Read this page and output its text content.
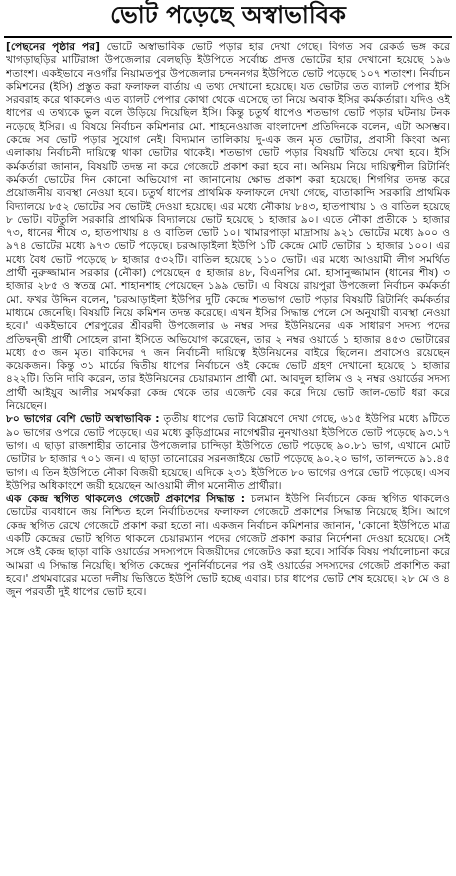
ভোট পড়েছে অস্বাভাবিক

[পেছনের পৃষ্ঠার পর] ভোটে অস্বাভাবিক ভোট পড়ার হার দেখা গেছে। বিগত সব রেকর্ড ভঙ্গ করে খাগড়াছড়ির মাটিরাঙ্গা উপজেলার বেলছড়ি ইউপিতে সর্বোচ্চ প্রদত্ত ভোটের হার দেখানো হয়েছে ১৯৬ শতাংশ। একইভাবে নওগাঁর নিয়ামতপুর উপজেলার চন্দননগর ইউপিতে ভোট পড়েছে ১০৭ শতাংশ। নির্বাচন কমিশনের (ইসি) প্রস্তুত করা ফলাফল বার্তায় এ তথ্য দেখানো হয়েছে। যত ভোটার তত ব্যালট পেপার ইসি সরবরাহ করে থাকলেও এত ব্যালট পেপার কোথা থেকে এসেছে তা নিয়ে অবাক ইসির কর্মকর্তারা। যদিও ওই ধাপের এ তথ্যকে ভুল বলে উড়িয়ে দিয়েছিল ইসি। কিন্তু চতুর্থ ধাপেও শতভাগ ভোট পড়ার ঘটনায় টনক নড়েছে ইসির। এ বিষয়ে নির্বাচন কমিশনার মো. শাহনেওয়াজ বাংলাদেশ প্রতিদিনকে বলেন, এটা অসম্ভব। কেন্দ্রে সব ভোট পড়ার সুযোগ নেই। বিদ্যমান তালিকায় দু-এক জন মৃত ভোটার, প্রবাসী কিংবা অন্য এলাকায় নির্বাচনী দায়িত্বে থাকা ভোটার থাকেই। শতভাগ ভোট পড়ার বিষয়টি খতিয়ে দেখা হবে। ইসি কর্মকর্তারা জানান, বিষয়টি তদন্ত না করে গেজেটে প্রকাশ করা হবে না। অনিয়ম নিয়ে দায়িত্বশীল রিটার্নিং কর্মকর্তা ভোটের দিন কোনো অভিযোগ না জানানোয় ক্ষোভ প্রকাশ করা হয়েছে। শিগগির তদন্ত করে প্রয়োজনীয় ব্যবস্থা নেওয়া হবে। চতুর্থ ধাপের প্রাথমিক ফলাফলে দেখা গেছে, বাতাকান্দি সরকারি প্রাথমিক বিদ্যালয়ে ৮৫২ ভোটের সব ভোটই দেওয়া হয়েছে। এর মধ্যে নৌকায় ৮৪৩, হাতপাখায় ১ ও বাতিল হয়েছে ৮ ভোট। বটতুলি সরকারি প্রাথমিক বিদ্যালয়ে ভোট হয়েছে ১ হাজার ৯০। এতে নৌকা প্রতীকে ১ হাজার ৭৩, ধানের শীষে ৩, হাতপাখায় ৪ ও বাতিল ভোট ১০। খামারপাড়া মাদ্রাসায় ৯২১ ভোটের মধ্যে ৯০০ ও ৯৭৪ ভোটের মধ্যে ৯৭৩ ভোট পড়েছে। চরআড়াইলা ইউপি ১টি কেন্দ্রে মোট ভোটার ১ হাজার ১০০। এর মধ্যে বৈধ ভোট পড়েছে ৮ হাজার ৫৩২টি। বাতিল হয়েছে ১১০ ভোট। এর মধ্যে আওয়ামী লীগ সমর্থিত প্রার্থী নুরুজ্জামান সরকার (নৌকা) পেয়েছেন ৫ হাজার ৪৮, বিএনপির মো. হাসানুজ্জামান (ধানের শীষ) ৩ হাজার ২৮৫ ও স্বতন্ত্র মো. শাহানশাহ পেয়েছেন ১৯৯ ভোট। এ বিষয়ে রায়পুরা উপজেলা নির্বাচন কর্মকর্তা মো. ফখর উদ্দিন বলেন, 'চরআড়াইলা ইউপির দুটি কেন্দ্রে শতভাগ ভোট পড়ার বিষয়টি রিটার্নিং কর্মকর্তার মাধ্যমে জেনেছি। বিষয়টি নিয়ে কমিশন তদন্ত করেছে। এখন ইসির সিদ্ধান্ত পেলে সে অনুযায়ী ব্যবস্থা নেওয়া হবে।' একইভাবে শেরপুরের শ্রীবরদী উপজেলার ৬ নম্বর সদর ইউনিয়নের এক সাধারণ সদস্য পদের প্রতিদ্বন্দ্বী প্রার্থী সোহেল রানা ইসিতে অভিযোগ করেছেন, তার ২ নম্বর ওয়ার্ডে ১ হাজার ৪৫৩ ভোটারের মধ্যে ৫৩ জন মৃত। বাকিদের ৭ জন নির্বাচনী দায়িত্বে ইউনিয়নের বাইরে ছিলেন। প্রবাসেও রয়েছেন কয়েকজন। কিন্তু ৩১ মার্চের দ্বিতীয় ধাপের নির্বাচনে ওই কেন্দ্রে ভোট গ্রহণ দেখানো হয়েছে ১ হাজার ৪২২টি। তিনি দাবি করেন, তার ইউনিয়নের চেয়ারম্যান প্রার্থী মো. আবদুল হালিম ও ২ নম্বর ওয়ার্ডের সদস্য প্রার্থী আইয়ুব আলীর সমর্থকরা কেন্দ্র থেকে তার এজেন্ট বের করে দিয়ে ভোট জাল-ভোট ধরা করে নিয়েছেন।

৮০ ভাগের বেশি ভোট অস্বাভাবিক : তৃতীয় ধাপের ভোট বিশ্লেষণে দেখা গেছে, ৬১৫ ইউপির মধ্যে ৯টিতে ৯০ ভাগের ওপরে ভোট পড়েছে। এর মধ্যে কুড়িগ্রামের নাগেশ্বরীর নুনখাওয়া ইউপিতে ভোট পড়েছে ৯৩.১৭ ভাগ। এ ছাড়া রাজশাহীর তানোর উপজেলার চান্দিড়া ইউপিতে ভোট পড়েছে ৯০.৮১ ভাগ, এখানে মোট ভোটার ৮ হাজার ৭০১ জন। এ ছাড়া তানোরের সরনজাইয়ে ভোট পড়েছে ৯০.২০ ভাগ, তালন্দতে ৯১.৪৫ ভাগ। এ তিন ইউপিতে নৌকা বিজয়ী হয়েছে। এদিকে ২৩১ ইউপিতে ৮০ ভাগের ওপরে ভোট পড়েছে। এসব ইউপির অধিকাংশে জয়ী হয়েছেন আওয়ামী লীগ মনোনীত প্রার্থীরা।

এক কেন্দ্র স্থগিত থাকলেও গেজেট প্রকাশের সিদ্ধান্ত : চলমান ইউপি নির্বাচনে কেন্দ্র স্থগিত থাকলেও ভোটের ব্যবধানে জয় নিশ্চিত হলে নির্বাচিতদের ফলাফল গেজেটে প্রকাশের সিদ্ধান্ত নিয়েছে ইসি। আগে কেন্দ্র স্থগিত রেখে গেজেটে প্রকাশ করা হতো না। একজন নির্বাচন কমিশনার জানান, 'কোনো ইউপিতে মাত্র একটি কেন্দ্রের ভোট স্থগিত থাকলে চেয়ারম্যান পদের গেজেট প্রকাশ করার নির্দেশনা দেওয়া হয়েছে। সেই সঙ্গে ওই কেন্দ্র ছাড়া বাকি ওয়ার্ডের সদস্যপদে বিজয়ীদের গেজেটও করা হবে। সার্বিক বিষয় পর্যালোচনা করে আমরা এ সিদ্ধান্ত নিয়েছি। স্থগিত কেন্দ্রের পুনর্নির্বাচনের পর ওই ওয়ার্ডের সদস্যদের গেজেট প্রকাশিত করা হবে।' প্রথমবারের মতো দলীয় ভিত্তিতে ইউপি ভোট হচ্ছে এবার। চার ধাপের ভোট শেষ হয়েছে। ২৮ মে ও ৪ জুন পরবর্তী দুই ধাপের ভোট হবে।
